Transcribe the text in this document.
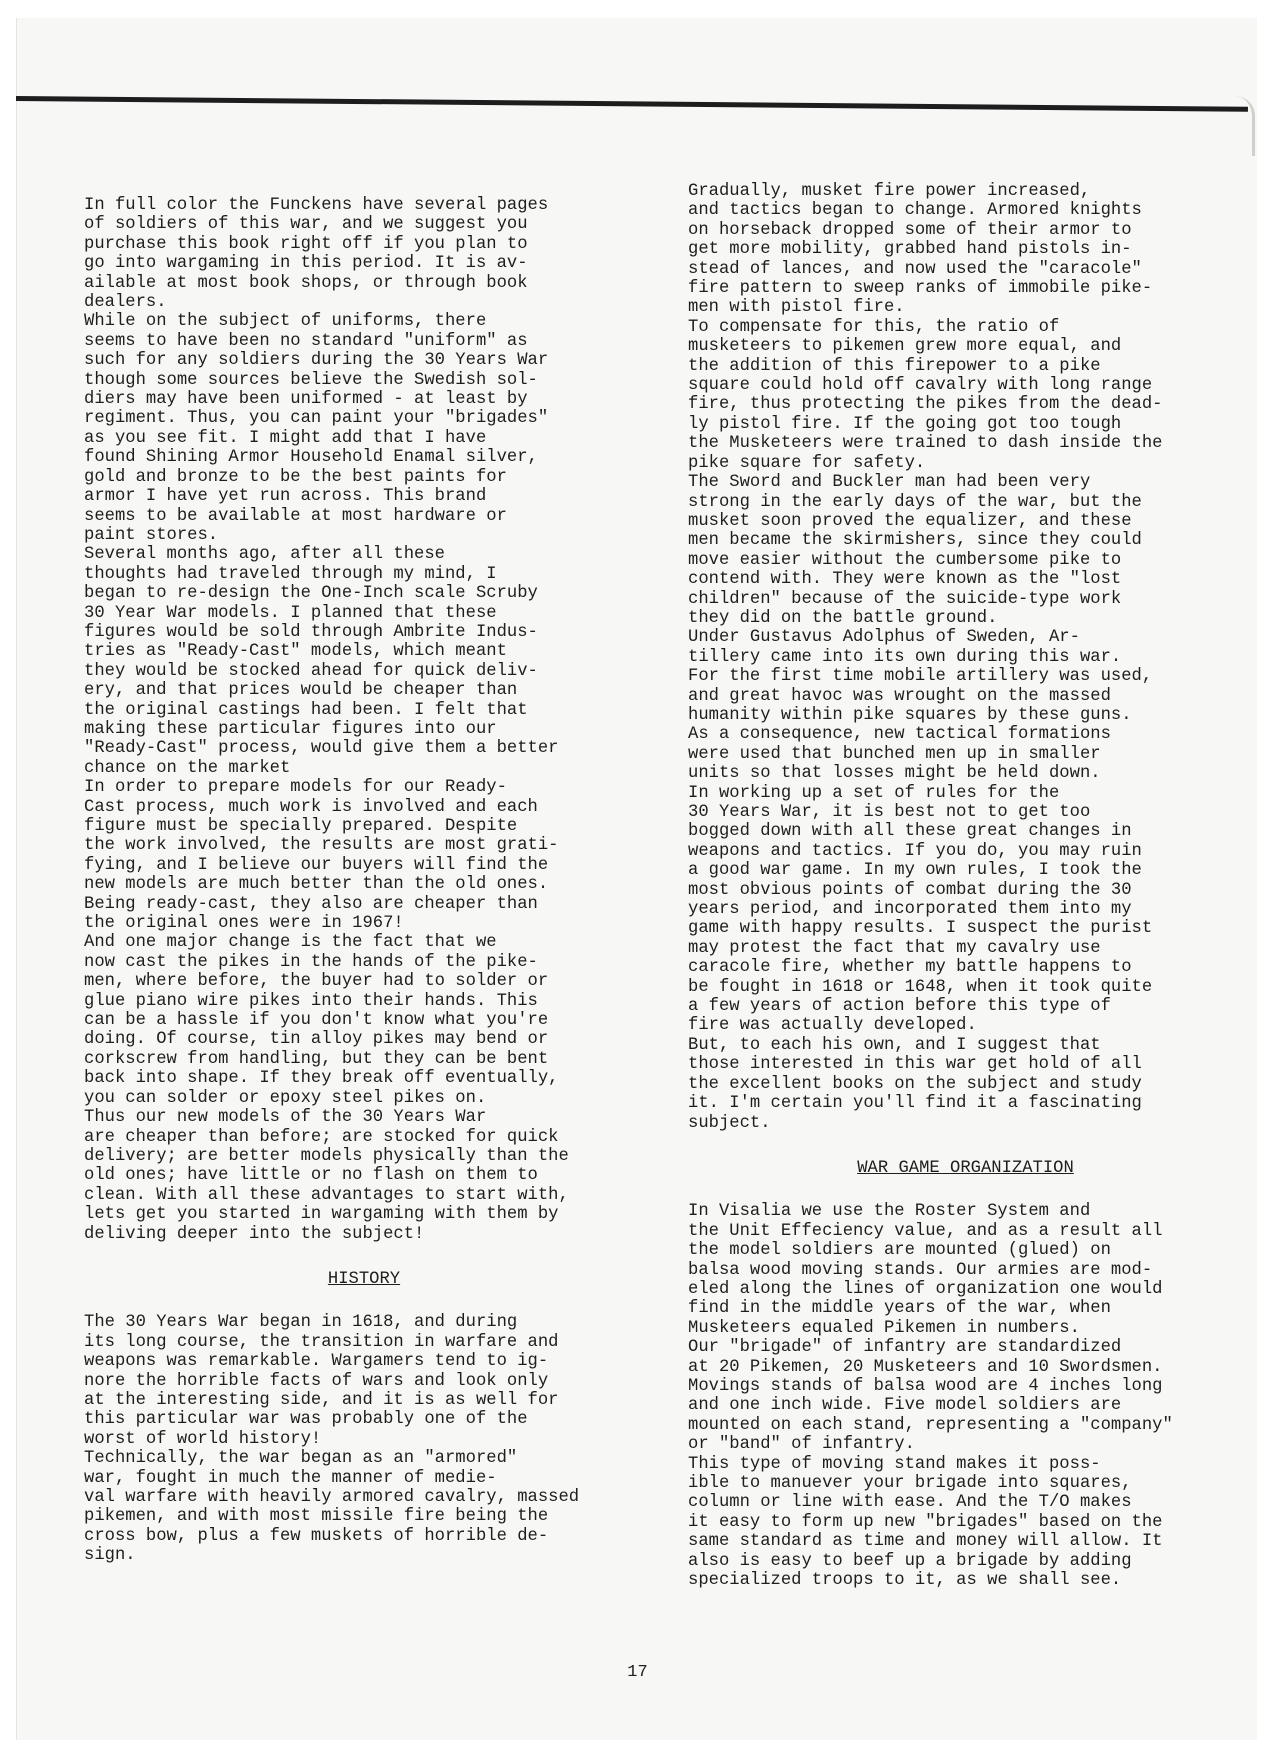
In full color the Funckens have several pages
of soldiers of this war, and we suggest you
purchase this book right off if you plan to
go into wargaming in this period. It is av-
ailable at most book shops, or through book
dealers.

While on the subject of uniforms, there
seems to have been no standard "uniform" as
such for any soldiers during the 30 Years War
though some sources believe the Swedish sol-
diers may have been uniformed - at least by
regiment. Thus, you can paint your "brigades"
as you see fit. I might add that I have
found Shining Armor Household Enamal silver,
gold and bronze to be the best paints for
armor I have yet run across. This brand
seems to be available at most hardware or
paint stores.

Several months ago, after all these
thoughts had traveled through my mind, I
began to re-design the One-Inch scale Scruby
30 Year War models. I planned that these
figures would be sold through Ambrite Indus-
tries as "Ready-Cast" models, which meant
they would be stocked ahead for quick deliv-
ery, and that prices would be cheaper than
the original castings had been. I felt that
making these particular figures into our
"Ready-Cast" process, would give them a better
chance on the market

In order to prepare models for our Ready-
Cast process, much work is involved and each
figure must be specially prepared. Despite
the work involved, the results are most grati-
fying, and I believe our buyers will find the
new models are much better than the old ones.
Being ready-cast, they also are cheaper than
the original ones were in 1967!

And one major change is the fact that we
now cast the pikes in the hands of the pike-
men, where before, the buyer had to solder or
glue piano wire pikes into their hands. This
can be a hassle if you don't know what you're
doing. Of course, tin alloy pikes may bend or
corkscrew from handling, but they can be bent
back into shape. If they break off eventually,
you can solder or epoxy steel pikes on.

Thus our new models of the 30 Years War
are cheaper than before; are stocked for quick
delivery; are better models physically than the
old ones; have little or no flash on them to
clean. With all these advantages to start with,
lets get you started in wargaming with them by
deliving deeper into the subject!

HISTORY

The 30 Years War began in 1618, and during
its long course, the transition in warfare and
weapons was remarkable. Wargamers tend to ig-
nore the horrible facts of wars and look only
at the interesting side, and it is as well for
this particular war was probably one of the
worst of world history!

Technically, the war began as an "armored"
war, fought in much the manner of medie-
val warfare with heavily armored cavalry, massed
pikemen, and with most missile fire being the
cross bow, plus a few muskets of horrible de-
sign.

Gradually, musket fire power increased,
and tactics began to change. Armored knights
on horseback dropped some of their armor to
get more mobility, grabbed hand pistols in-
stead of lances, and now used the "caracole"
fire pattern to sweep ranks of immobile pike-
men with pistol fire.

To compensate for this, the ratio of
musketeers to pikemen grew more equal, and
the addition of this firepower to a pike
square could hold off cavalry with long range
fire, thus protecting the pikes from the dead-
ly pistol fire. If the going got too tough
the Musketeers were trained to dash inside the
pike square for safety.

The Sword and Buckler man had been very
strong in the early days of the war, but the
musket soon proved the equalizer, and these
men became the skirmishers, since they could
move easier without the cumbersome pike to
contend with. They were known as the "lost
children" because of the suicide-type work
they did on the battle ground.

Under Gustavus Adolphus of Sweden, Ar-
tillery came into its own during this war.
For the first time mobile artillery was used,
and great havoc was wrought on the massed
humanity within pike squares by these guns.
As a consequence, new tactical formations
were used that bunched men up in smaller
units so that losses might be held down.

In working up a set of rules for the
30 Years War, it is best not to get too
bogged down with all these great changes in
weapons and tactics. If you do, you may ruin
a good war game. In my own rules, I took the
most obvious points of combat during the 30
years period, and incorporated them into my
game with happy results. I suspect the purist
may protest the fact that my cavalry use
caracole fire, whether my battle happens to
be fought in 1618 or 1648, when it took quite
a few years of action before this type of
fire was actually developed.

But, to each his own, and I suggest that
those interested in this war get hold of all
the excellent books on the subject and study
it. I'm certain you'll find it a fascinating
subject.

WAR GAME ORGANIZATION

In Visalia we use the Roster System and
the Unit Effeciency value, and as a result all
the model soldiers are mounted (glued) on
balsa wood moving stands. Our armies are mod-
eled along the lines of organization one would
find in the middle years of the war, when
Musketeers equaled Pikemen in numbers.

Our "brigade" of infantry are standardized
at 20 Pikemen, 20 Musketeers and 10 Swordsmen.
Movings stands of balsa wood are 4 inches long
and one inch wide. Five model soldiers are
mounted on each stand, representing a "company"
or "band" of infantry.

This type of moving stand makes it poss-
ible to manuever your brigade into squares,
column or line with ease. And the T/O makes
it easy to form up new "brigades" based on the
same standard as time and money will allow. It
also is easy to beef up a brigade by adding
specialized troops to it, as we shall see.

17
